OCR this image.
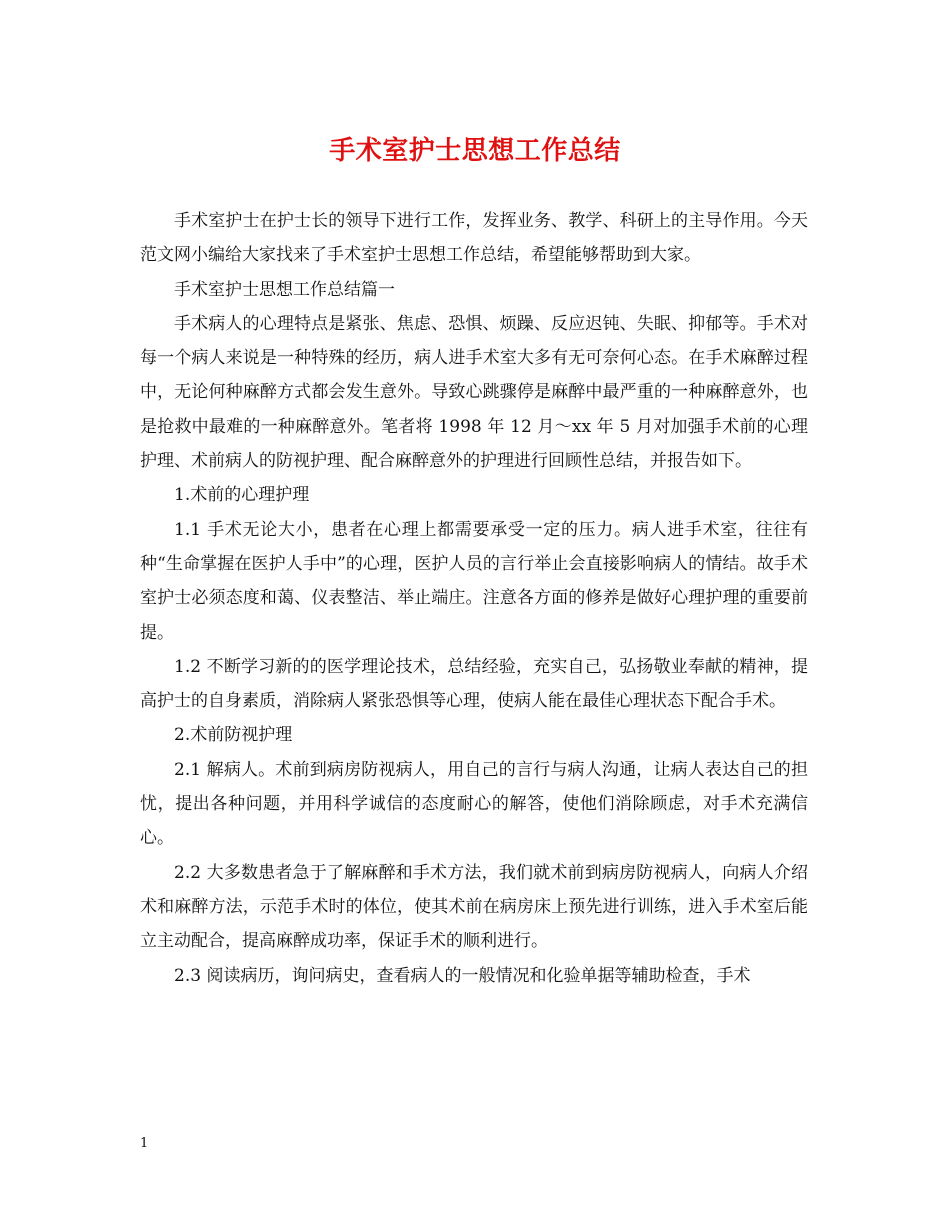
手术室护士思想工作总结

手术室护士在护士长的领导下进行工作，发挥业务、教学、科研上的主导作用。今天范文网小编给大家找来了手术室护士思想工作总结，希望能够帮助到大家。

手术室护士思想工作总结篇一

手术病人的心理特点是紧张、焦虑、恐惧、烦躁、反应迟钝、失眠、抑郁等。手术对每一个病人来说是一种特殊的经历，病人进手术室大多有无可奈何心态。在手术麻醉过程中，无论何种麻醉方式都会发生意外。导致心跳骤停是麻醉中最严重的一种麻醉意外，也是抢救中最难的一种麻醉意外。笔者将 1998 年 12 月～xx 年 5 月对加强手术前的心理护理、术前病人的防视护理、配合麻醉意外的护理进行回顾性总结，并报告如下。

1.术前的心理护理

1.1 手术无论大小，患者在心理上都需要承受一定的压力。病人进手术室，往往有种“生命掌握在医护人手中”的心理，医护人员的言行举止会直接影响病人的情结。故手术室护士必须态度和蔼、仪表整洁、举止端庄。注意各方面的修养是做好心理护理的重要前提。

1.2 不断学习新的的医学理论技术，总结经验，充实自己，弘扬敬业奉献的精神，提高护士的自身素质，消除病人紧张恐惧等心理，使病人能在最佳心理状态下配合手术。

2.术前防视护理

2.1 解病人。术前到病房防视病人，用自己的言行与病人沟通，让病人表达自己的担忧，提出各种问题，并用科学诚信的态度耐心的解答，使他们消除顾虑，对手术充满信心。

2.2 大多数患者急于了解麻醉和手术方法，我们就术前到病房防视病人，向病人介绍术和麻醉方法，示范手术时的体位，使其术前在病房床上预先进行训练，进入手术室后能立主动配合，提高麻醉成功率，保证手术的顺利进行。

2.3 阅读病历，询问病史，查看病人的一般情况和化验单据等辅助检查，手术

1
